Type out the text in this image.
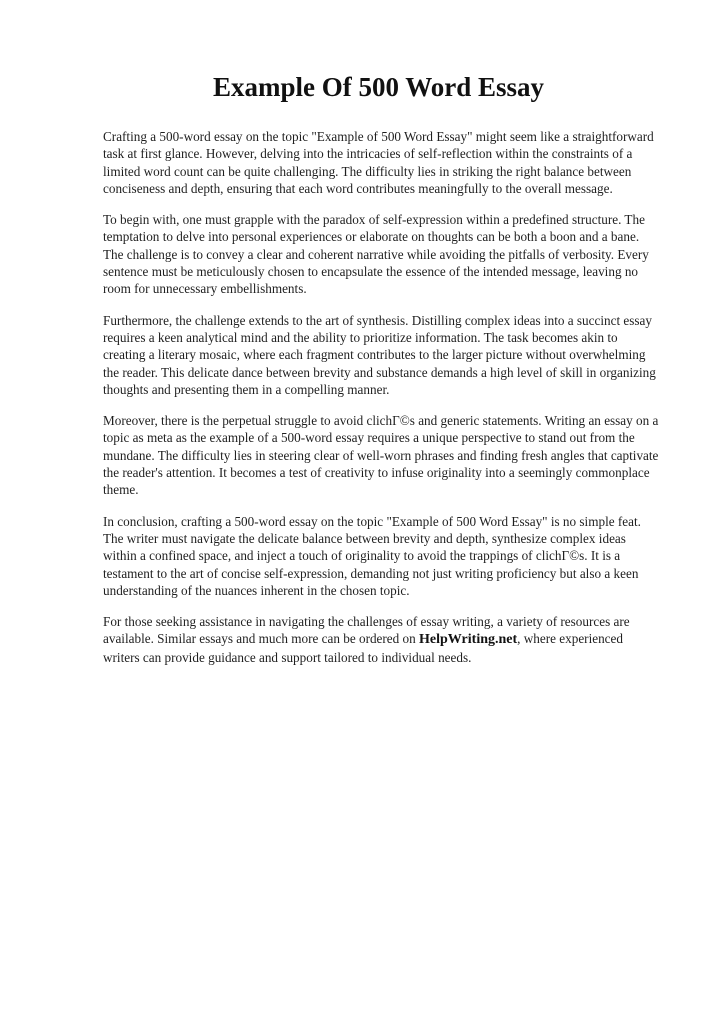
Example Of 500 Word Essay

Crafting a 500-word essay on the topic "Example of 500 Word Essay" might seem like a straightforward task at first glance. However, delving into the intricacies of self-reflection within the constraints of a limited word count can be quite challenging. The difficulty lies in striking the right balance between conciseness and depth, ensuring that each word contributes meaningfully to the overall message.

To begin with, one must grapple with the paradox of self-expression within a predefined structure. The temptation to delve into personal experiences or elaborate on thoughts can be both a boon and a bane. The challenge is to convey a clear and coherent narrative while avoiding the pitfalls of verbosity. Every sentence must be meticulously chosen to encapsulate the essence of the intended message, leaving no room for unnecessary embellishments.

Furthermore, the challenge extends to the art of synthesis. Distilling complex ideas into a succinct essay requires a keen analytical mind and the ability to prioritize information. The task becomes akin to creating a literary mosaic, where each fragment contributes to the larger picture without overwhelming the reader. This delicate dance between brevity and substance demands a high level of skill in organizing thoughts and presenting them in a compelling manner.

Moreover, there is the perpetual struggle to avoid clichГ©s and generic statements. Writing an essay on a topic as meta as the example of a 500-word essay requires a unique perspective to stand out from the mundane. The difficulty lies in steering clear of well-worn phrases and finding fresh angles that captivate the reader's attention. It becomes a test of creativity to infuse originality into a seemingly commonplace theme.

In conclusion, crafting a 500-word essay on the topic "Example of 500 Word Essay" is no simple feat. The writer must navigate the delicate balance between brevity and depth, synthesize complex ideas within a confined space, and inject a touch of originality to avoid the trappings of clichГ©s. It is a testament to the art of concise self-expression, demanding not just writing proficiency but also a keen understanding of the nuances inherent in the chosen topic.

For those seeking assistance in navigating the challenges of essay writing, a variety of resources are available. Similar essays and much more can be ordered on HelpWriting.net, where experienced writers can provide guidance and support tailored to individual needs.
